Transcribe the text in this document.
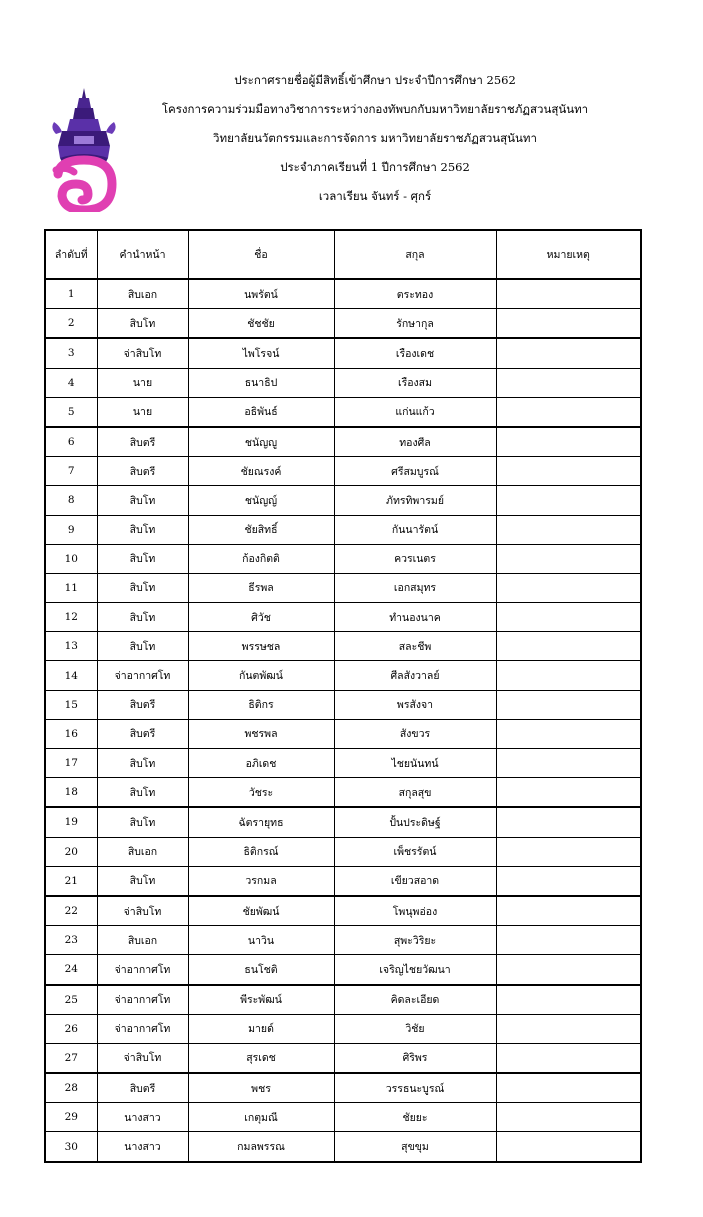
ประกาศรายชื่อผู้มีสิทธิ์เข้าศึกษา ประจำปีการศึกษา 2562
โครงการความร่วมมือทางวิชาการระหว่างกองทัพบกกับมหาวิทยาลัยราชภัฏสวนสุนันทา
วิทยาลัยนวัตกรรมและการจัดการ มหาวิทยาลัยราชภัฏสวนสุนันทา
ประจำภาคเรียนที่ 1 ปีการศึกษา 2562
เวลาเรียน จันทร์ - ศุกร์
ลำดับที่	คำนำหน้า	ชื่อ	สกุล	หมายเหตุ
1	สิบเอก	นพรัตน์	ตระทอง	
2	สิบโท	ชัชชัย	รักษากุล	
3	จ่าสิบโท	ไพโรจน์	เรืองเดช	
4	นาย	ธนาธิป	เรืองสม	
5	นาย	อธิพันธ์	แก่นแก้ว	
6	สิบตรี	ชนัญญู	ทองศีล	
7	สิบตรี	ชัยณรงค์	ศรีสมบูรณ์	
8	สิบโท	ชนัญญ์	ภัทรทิพารมย์	
9	สิบโท	ชัยสิทธิ์	กันนารัตน์	
10	สิบโท	ก้องกิตติ	ควรเนตร	
11	สิบโท	ธีรพล	เอกสมุทร	
12	สิบโท	ศิวัช	ทำนองนาค	
13	สิบโท	พรรษชล	สละชีพ	
14	จ่าอากาศโท	กันตพัฒน์	ศีลสังวาลย์	
15	สิบตรี	ธิติกร	พรสังจา	
16	สิบตรี	พชรพล	สังขวร	
17	สิบโท	อภิเดช	ไชยนันทน์	
18	สิบโท	วัชระ	สกุลสุข	
19	สิบโท	ฉัตรายุทธ	ปั้นประดิษฐ์	
20	สิบเอก	ธิติกรณ์	เพ็ชรรัตน์	
21	สิบโท	วรกมล	เขียวสอาด	
22	จ่าสิบโท	ชัยพัฒน์	โพนุพอ่อง	
23	สิบเอก	นาวิน	สุพะวิริยะ	
24	จ่าอากาศโท	ธนโชติ	เจริญไชยวัฒนา	
25	จ่าอากาศโท	พีระพัฒน์	คิดละเอียด	
26	จ่าอากาศโท	มายด์	วิชัย	
27	จ่าสิบโท	สุรเดช	ศิริพร	
28	สิบตรี	พชร	วรรธนะบูรณ์	
29	นางสาว	เกตุมณี	ชัยยะ	
30	นางสาว	กมลพรรณ	สุขขุม	
